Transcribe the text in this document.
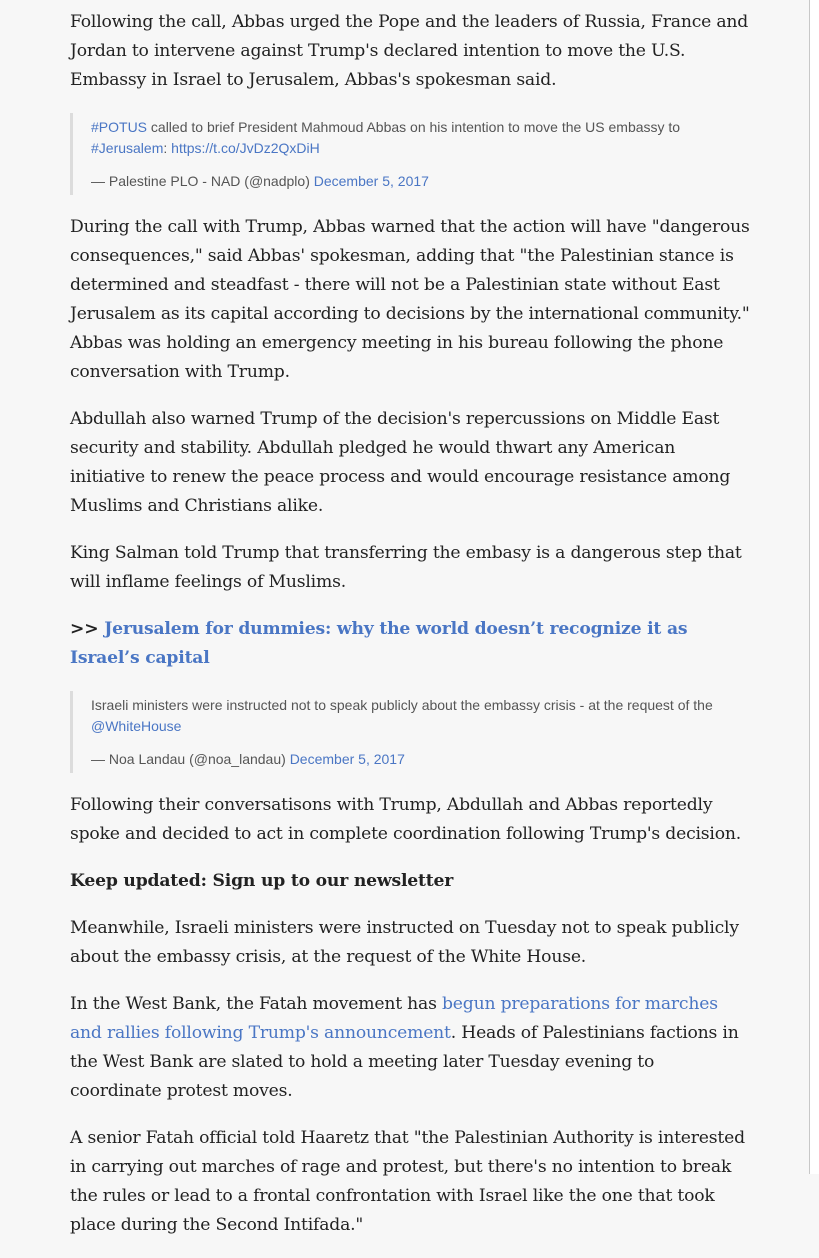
Following the call, Abbas urged the Pope and the leaders of Russia, France and Jordan to intervene against Trump's declared intention to move the U.S. Embassy in Israel to Jerusalem, Abbas's spokesman said.

#POTUS called to brief President Mahmoud Abbas on his intention to move the US embassy to #Jerusalem: https://t.co/JvDz2QxDiH

— Palestine PLO - NAD (@nadplo) December 5, 2017

During the call with Trump, Abbas warned that the action will have "dangerous consequences," said Abbas' spokesman, adding that "the Palestinian stance is determined and steadfast - there will not be a Palestinian state without East Jerusalem as its capital according to decisions by the international community." Abbas was holding an emergency meeting in his bureau following the phone conversation with Trump.

Abdullah also warned Trump of the decision's repercussions on Middle East security and stability. Abdullah pledged he would thwart any American initiative to renew the peace process and would encourage resistance among Muslims and Christians alike.

King Salman told Trump that transferring the embasy is a dangerous step that will inflame feelings of Muslims.

>> Jerusalem for dummies: why the world doesn’t recognize it as Israel’s capital

Israeli ministers were instructed not to speak publicly about the embassy crisis - at the request of the @WhiteHouse

— Noa Landau (@noa_landau) December 5, 2017

Following their conversatisons with Trump, Abdullah and Abbas reportedly spoke and decided to act in complete coordination following Trump's decision.

Keep updated: Sign up to our newsletter

Meanwhile, Israeli ministers were instructed on Tuesday not to speak publicly about the embassy crisis, at the request of the White House.

In the West Bank, the Fatah movement has begun preparations for marches and rallies following Trump's announcement. Heads of Palestinians factions in the West Bank are slated to hold a meeting later Tuesday evening to coordinate protest moves.

A senior Fatah official told Haaretz that "the Palestinian Authority is interested in carrying out marches of rage and protest, but there's no intention to break the rules or lead to a frontal confrontation with Israel like the one that took place during the Second Intifada."
